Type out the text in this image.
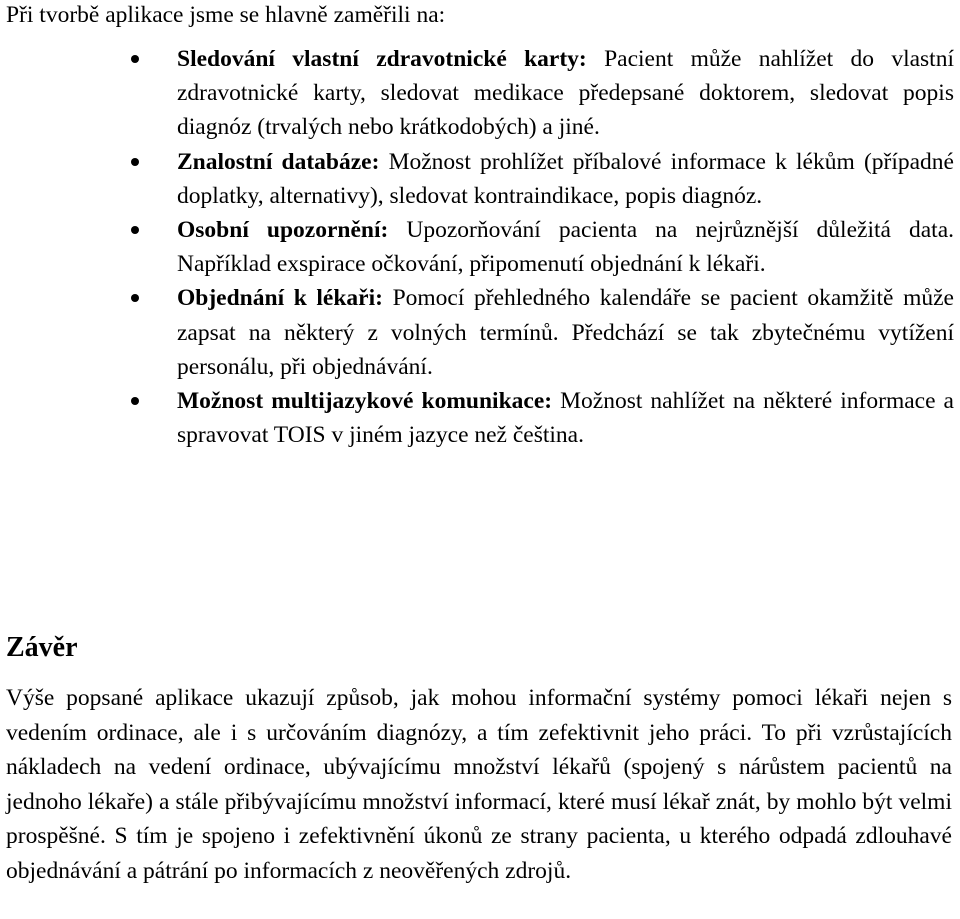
Při tvorbě aplikace jsme se hlavně zaměřili na:

Sledování vlastní zdravotnické karty: Pacient může nahlížet do vlastní zdravotnické karty, sledovat medikace předepsané doktorem, sledovat popis diagnóz (trvalých nebo krátkodobých) a jiné.
Znalostní databáze: Možnost prohlížet příbalové informace k lékům (případné doplatky, alternativy), sledovat kontraindikace, popis diagnóz.
Osobní upozornění: Upozorňování pacienta na nejrůznější důležitá data. Například exspirace očkování, připomenutí objednání k lékaři.
Objednání k lékaři: Pomocí přehledného kalendáře se pacient okamžitě může zapsat na některý z volných termínů. Předchází se tak zbytečnému vytížení personálu, při objednávání.
Možnost multijazykové komunikace: Možnost nahlížet na některé informace a spravovat TOIS v jiném jazyce než čeština.
Závěr

Výše popsané aplikace ukazují způsob, jak mohou informační systémy pomoci lékaři nejen s vedením ordinace, ale i s určováním diagnózy, a tím zefektivnit jeho práci. To při vzrůstajících nákladech na vedení ordinace, ubývajícímu množství lékařů (spojený s nárůstem pacientů na jednoho lékaře) a stále přibývajícímu množství informací, které musí lékař znát, by mohlo být velmi prospěšné. S tím je spojeno i zefektivnění úkonů ze strany pacienta, u kterého odpadá zdlouhavé objednávání a pátrání po informacích z neověřených zdrojů.
